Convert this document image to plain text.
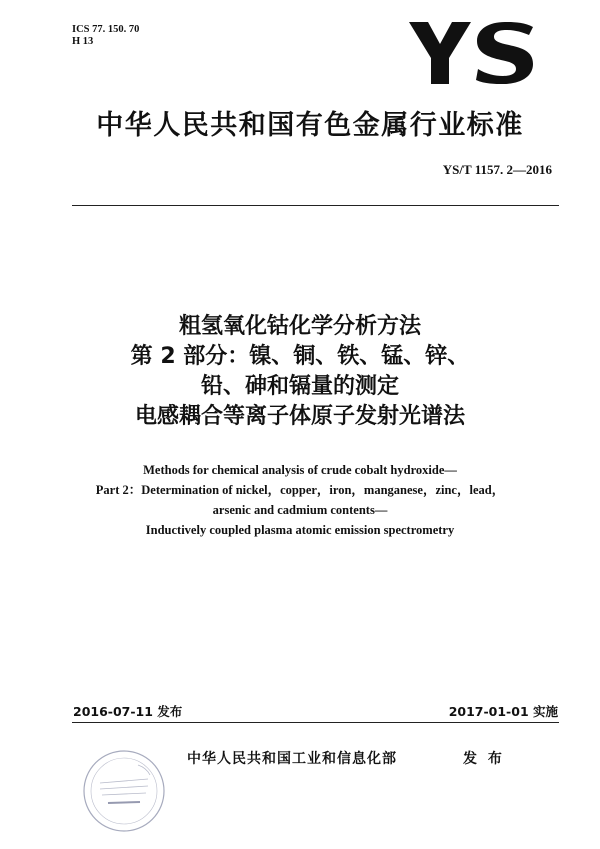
ICS 77. 150. 70
H 13
中华人民共和国有色金属行业标准
YS/T 1157. 2—2016
粗氢氧化钴化学分析方法
第 2 部分：镍、铜、铁、锰、锌、
铅、砷和镉量的测定
电感耦合等离子体原子发射光谱法
Methods for chemical analysis of crude cobalt hydroxide—
Part 2：Determination of nickel，copper，iron，manganese，zinc，lead，
arsenic and cadmium contents—
Inductively coupled plasma atomic emission spectrometry
2016-07-11 发布	2017-01-01 实施
中华人民共和国工业和信息化部	发 布
